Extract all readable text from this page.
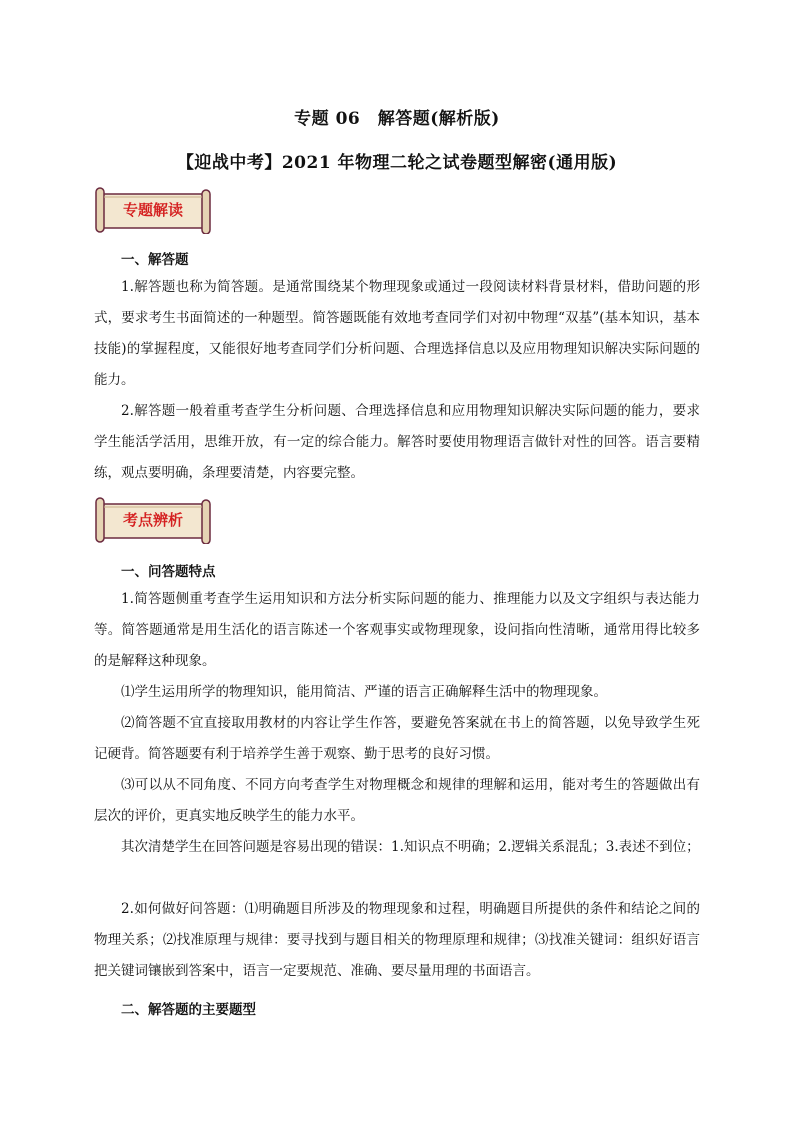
专题 06　解答题(解析版)
【迎战中考】2021 年物理二轮之试卷题型解密(通用版)
专题解读
一、解答题
1.解答题也称为简答题。是通常围绕某个物理现象或通过一段阅读材料背景材料，借助问题的形式，要求考生书面简述的一种题型。简答题既能有效地考查同学们对初中物理“双基”(基本知识，基本技能)的掌握程度，又能很好地考查同学们分析问题、合理选择信息以及应用物理知识解决实际问题的能力。
2.解答题一般着重考查学生分析问题、合理选择信息和应用物理知识解决实际问题的能力，要求学生能活学活用，思维开放，有一定的综合能力。解答时要使用物理语言做针对性的回答。语言要精练，观点要明确，条理要清楚，内容要完整。
考点辨析
一、问答题特点
1.简答题侧重考查学生运用知识和方法分析实际问题的能力、推理能力以及文字组织与表达能力等。简答题通常是用生活化的语言陈述一个客观事实或物理现象，设问指向性清晰，通常用得比较多的是解释这种现象。
⑴学生运用所学的物理知识，能用简洁、严谨的语言正确解释生活中的物理现象。
⑵简答题不宜直接取用教材的内容让学生作答，要避免答案就在书上的简答题，以免导致学生死记硬背。简答题要有利于培养学生善于观察、勤于思考的良好习惯。
⑶可以从不同角度、不同方向考查学生对物理概念和规律的理解和运用，能对考生的答题做出有层次的评价，更真实地反映学生的能力水平。
其次清楚学生在回答问题是容易出现的错误：1.知识点不明确；2.逻辑关系混乱；3.表述不到位；
2.如何做好问答题：⑴明确题目所涉及的物理现象和过程，明确题目所提供的条件和结论之间的物理关系；⑵找准原理与规律：要寻找到与题目相关的物理原理和规律；⑶找准关键词：组织好语言把关键词镶嵌到答案中，语言一定要规范、准确、要尽量用理的书面语言。
二、解答题的主要题型
